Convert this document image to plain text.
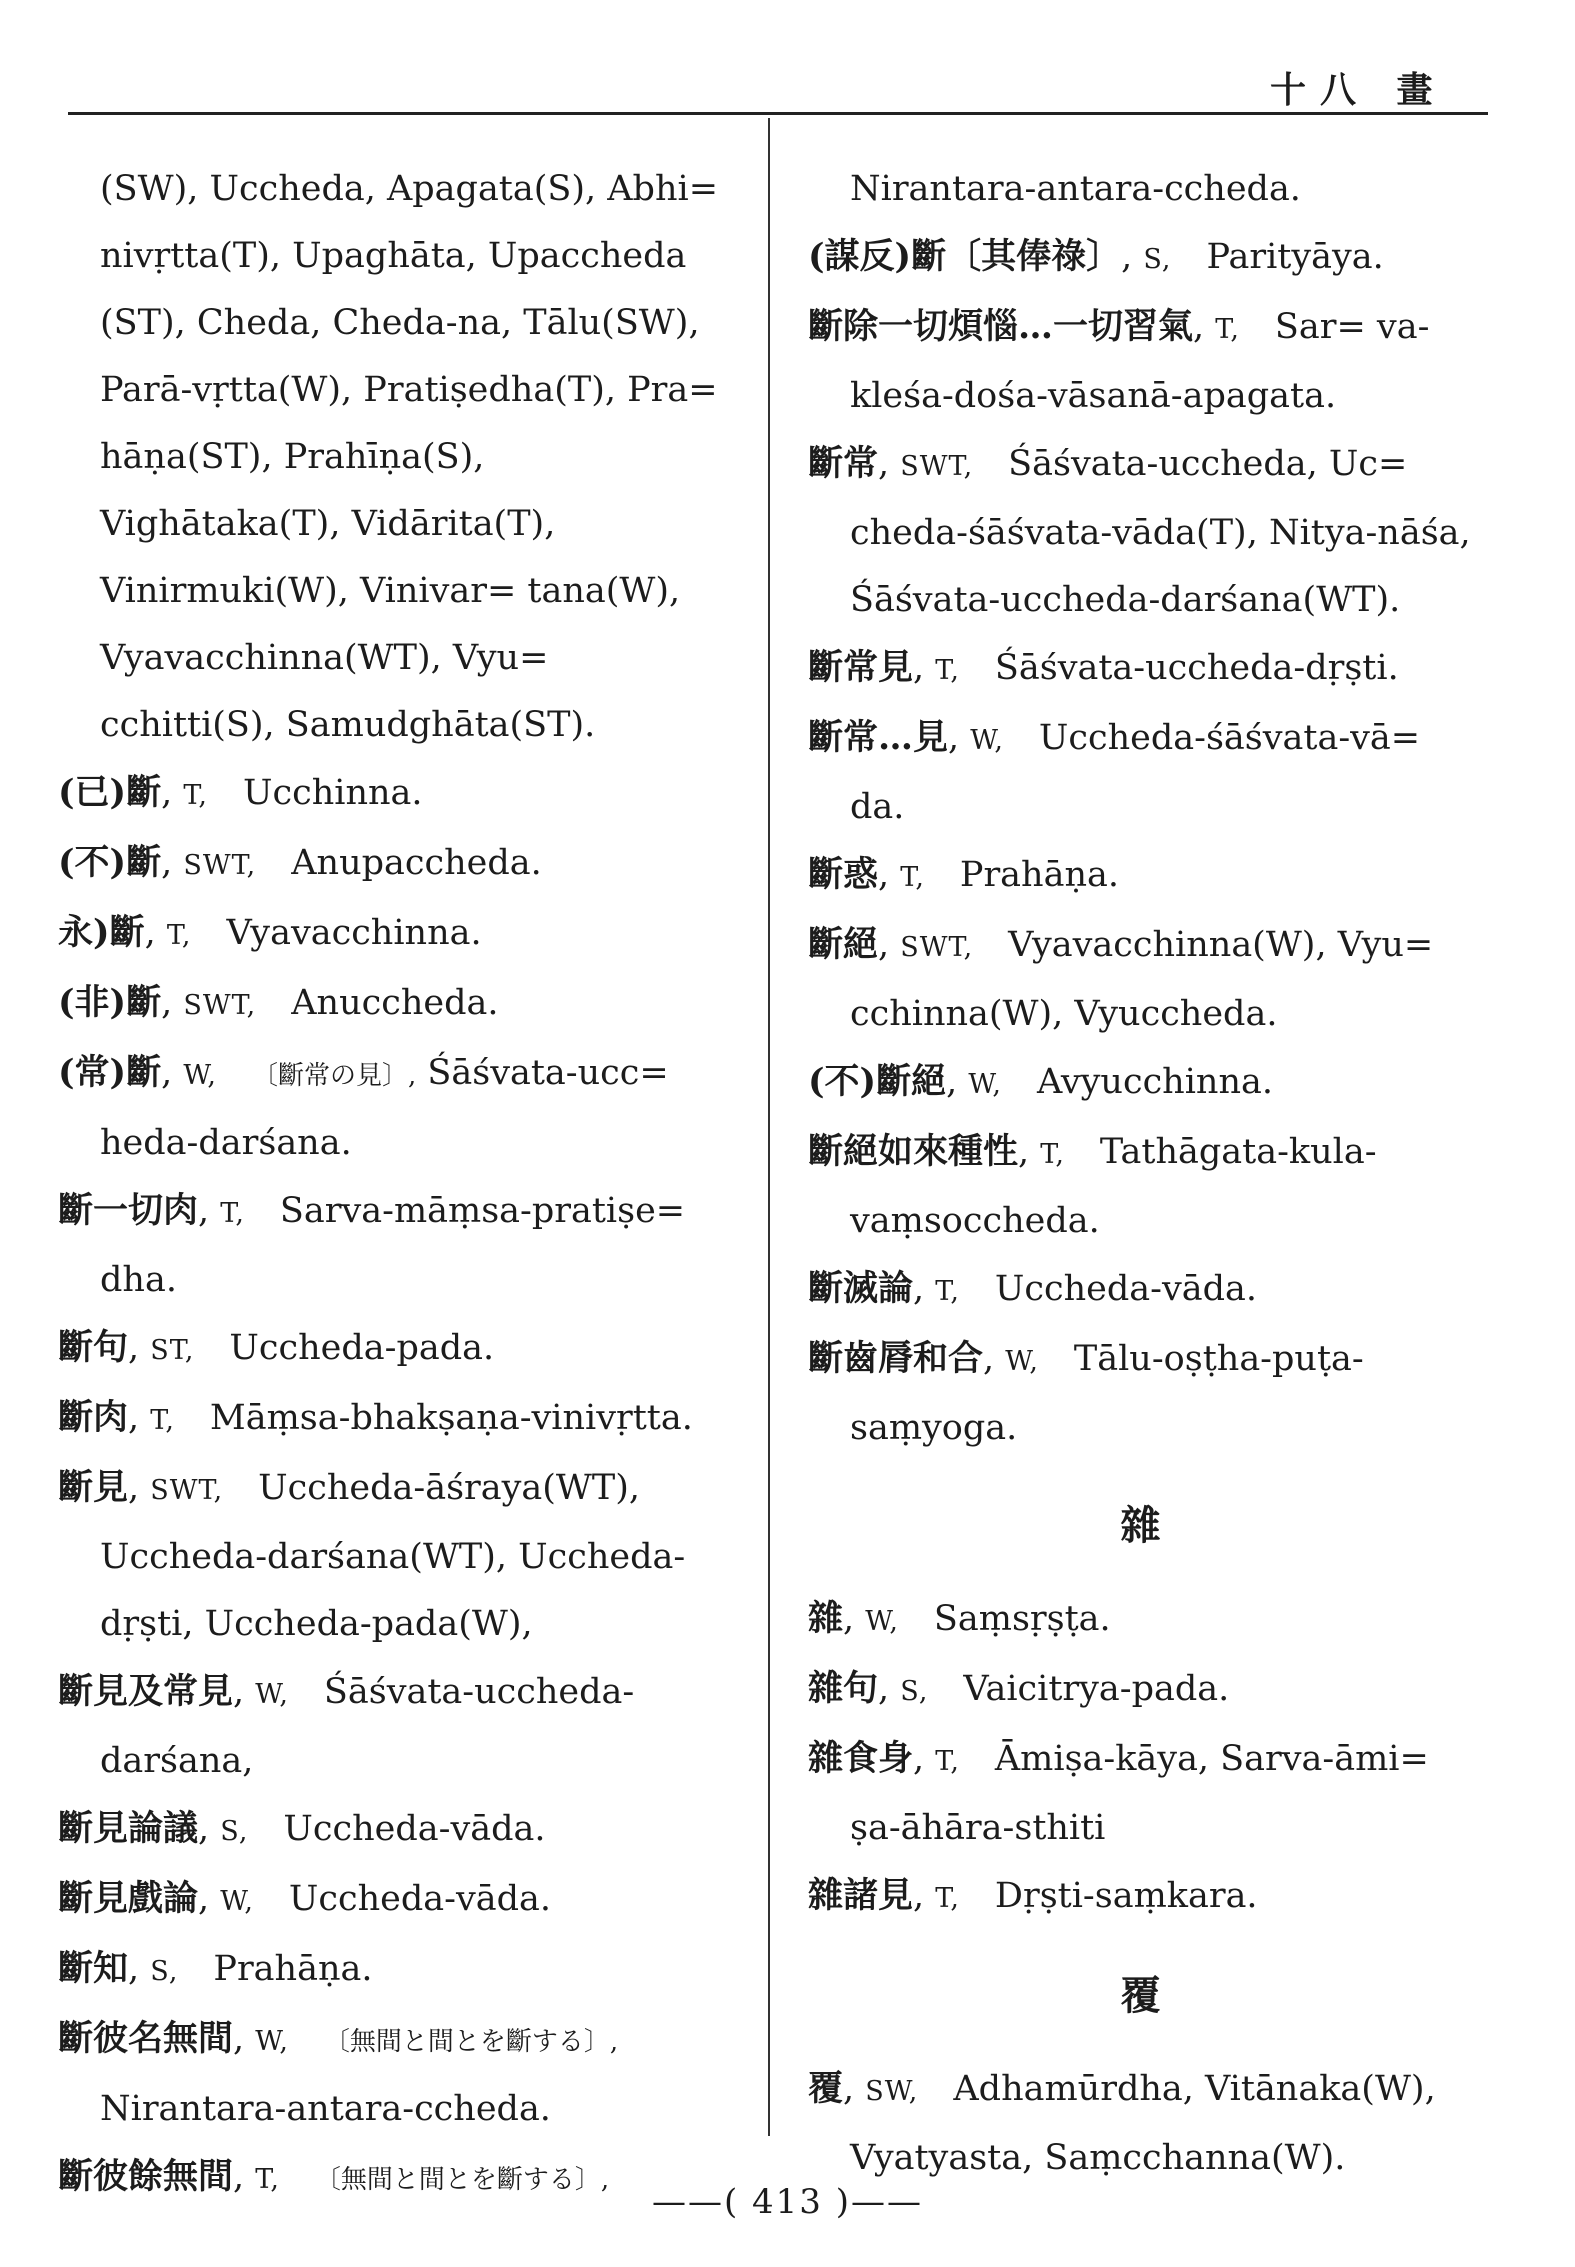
十八 畫

(SW), Uccheda, Apagata(S), Abhi= nivṛtta(T), Upaghāta, Upaccheda (ST), Cheda, Cheda-na, Tālu(SW), Parā-vṛtta(W), Pratiṣedha(T), Pra= hāṇa(ST), Prahīṇa(S), Vighātaka(T), Vidārita(T), Vinirmuki(W), Vinivar= tana(W), Vyavacchinna(WT), Vyu= cchitti(S), Samudghāta(ST).

(已)斷, T,  Ucchinna.

(不)斷, SWT,  Anupaccheda.

永)斷, T,  Vyavacchinna.

(非)斷, SWT,  Anuccheda.

(常)斷, W,  〔斷常の見〕, Śāśvata-ucc= heda-darśana.

斷一切肉, T,  Sarva-māṃsa-pratiṣe= dha.

斷句, ST,  Uccheda-pada.

斷肉, T,  Māṃsa-bhakṣaṇa-vinivṛtta.

斷見, SWT,  Uccheda-āśraya(WT), Uccheda-darśana(WT), Uccheda-dṛṣti, Uccheda-pada(W),

斷見及常見, W,  Śāśvata-uccheda- darśana,

斷見論議, S,  Uccheda-vāda.

斷見戲論, W,  Uccheda-vāda.

斷知, S,  Prahāṇa.

斷彼名無間, W,  〔無間と間とを斷する〕, Nirantara-antara-ccheda.

斷彼餘無間, T,  〔無間と間とを斷する〕,

Nirantara-antara-ccheda.

(謀反)斷〔其俸祿〕, S,  Parityāya.

斷除一切煩惱…一切習氣, T,  Sar= va-kleśa-dośa-vāsanā-apagata.

斷常, SWT,  Śāśvata-uccheda, Uc= cheda-śāśvata-vāda(T), Nitya-nāśa, Śāśvata-uccheda-darśana(WT).

斷常見, T,  Śāśvata-uccheda-dṛṣti.

斷常…見, W,  Uccheda-śāśvata-vā= da.

斷惑, T,  Prahāṇa.

斷絕, SWT,  Vyavacchinna(W), Vyu= cchinna(W), Vyuccheda.

(不)斷絕, W,  Avyucchinna.

斷絕如來種性, T,  Tathāgata-kula- vaṃsoccheda.

斷滅論, T,  Uccheda-vāda.

斷齒脣和合, W,  Tālu-oṣṭha-puṭa- saṃyoga.

雜

雜, W,  Saṃsṛṣṭa.

雜句, S,  Vaicitrya-pada.

雜食身, T,  Āmiṣa-kāya, Sarva-āmi= ṣa-āhāra-sthiti

雜諸見, T,  Dṛṣti-saṃkara.

覆

覆, SW,  Adhamūrdha, Vitānaka(W), Vyatyasta, Saṃcchanna(W).

——( 413 )——
